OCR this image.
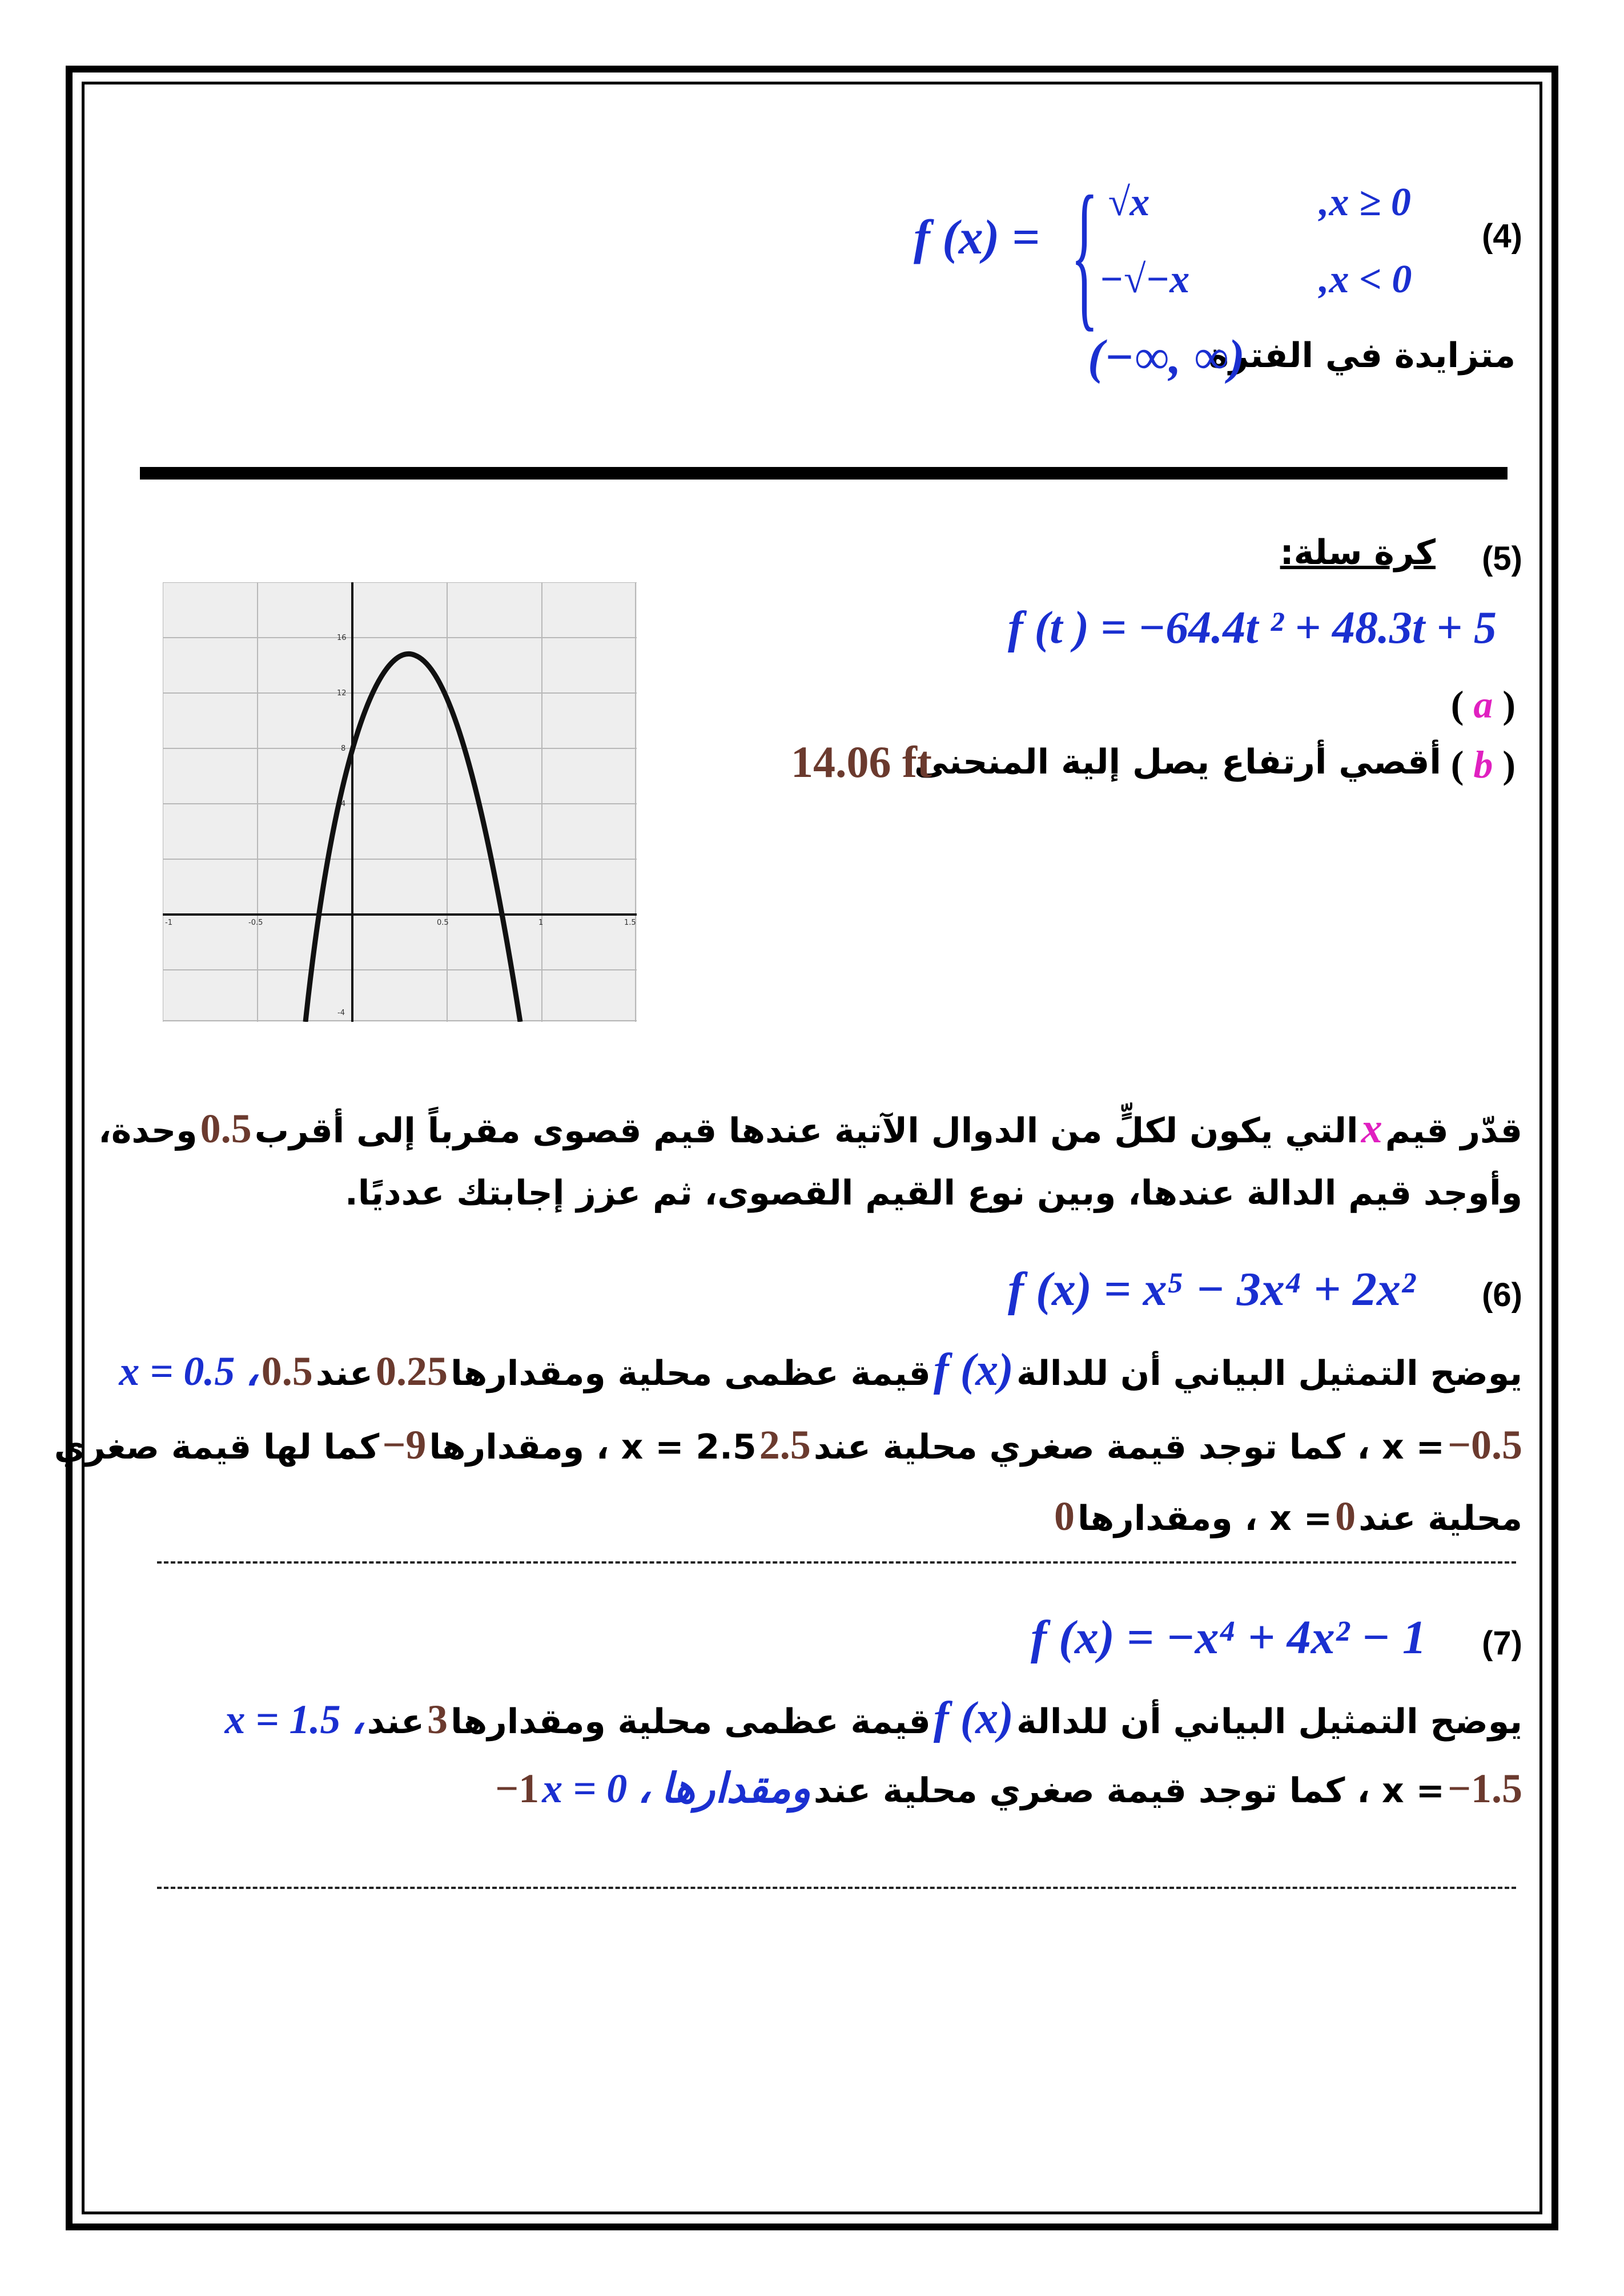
(4)
f (x) = { √x	,x ≥ 0
−√−x	,x < 0
متزايدة في الفترة
(−∞, ∞)
(5)
كرة سلة:
f (t ) = −64.4t ² + 48.3t + 5
( a )
( b )
أقصي أرتفاع يصل إلية المنحنى
14.06 ft
16
12
8
4
-4
-1	-0.5	0.5	1	1.5
قدّر قيم x التي يكون لكلٍّ من الدوال الآتية عندها قيم قصوى مقرباً إلى أقرب 0.5 وحدة،
وأوجد قيم الدالة عندها، وبين نوع القيم القصوى، ثم عزز إجابتك عدديًا.
(6)
f (x) = x⁵ − 3x⁴ + 2x²
يوضح التمثيل البياني أن للدالة f (x) قيمة عظمى محلية ومقدارها 0.25 عند 0.5 x = 0.5 ،
−0.5 = x ، كما توجد قيمة صغري محلية عند 2.5 x = 2.5 ، ومقدارها −9 كما لها قيمة صغري
محلية عند 0 = x ، ومقدارها 0
(7)
f (x) = −x⁴ + 4x² − 1
يوضح التمثيل البياني أن للدالة f (x) قيمة عظمى محلية ومقدارها 3 عند x = 1.5 ،
−1.5 = x ، كما توجد قيمة صغري محلية عند x = 0 ، ومقدارها −1
